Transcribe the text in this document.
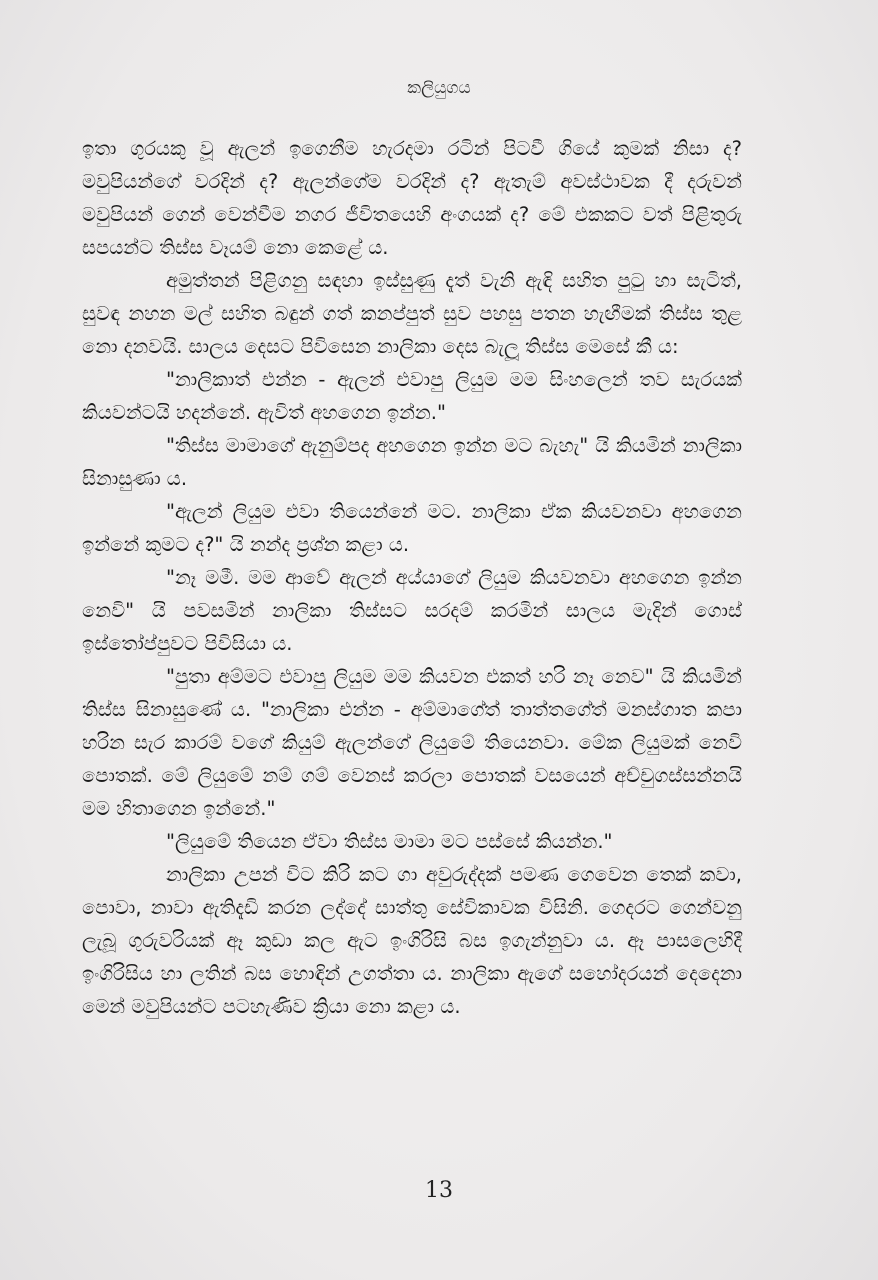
කලියුගය

ඉතා ගුරයකු වූ ඇලන් ඉගෙනීම හැරදමා රටින් පිටවී ගියේ කුමක් නිසා ද? මවුපියන්ගේ වරදින් ද? ඇලන්ගේම වරදින් ද? ඇතැම් අවස්ථාවක දී දරුවන් මවුපියන් ගෙන් වෙන්වීම නගර ජීවිතයෙහි අංගයක් ද? මේ එකකට වත් පිළිතුරු සපයන්ට තිස්ස වෑයම් නො කෙළේ ය.

අමුත්තන් පිළිගනු සඳහා ඉස්සුණු දැත් වැනි ඇඳි සහිත පුටු හා සැටිත්, සුවඳ නහන මල් සහිත බඳුන් ගත් කනප්පුත් සුව පහසු පතන හැඟීමක් තිස්ස තුළ නො දනවයි. සාලය දෙසට පිවිසෙන නාලිකා දෙස බැලූ තිස්ස මෙසේ කී ය:

"නාලිකාත් එන්න - ඇලන් එවාපු ලියුම මම සිංහලෙන් තව සැරයක් කියවන්ටයි හදන්නේ. ඇවිත් අහගෙන ඉන්න."

"තිස්ස මාමාගේ ඇනුම්පද අහගෙන ඉන්න මට බැහැ" යි කියමින් නාලිකා සිනාසුණා ය.

"ඇලන් ලියුම එවා තියෙන්නේ මට. නාලිකා ඒක කියවනවා අහගෙන ඉන්නේ කුමට ද?" යි නන්ද ප්‍රශ්න කළා ය.

"නෑ මමී. මම ආවේ ඇලන් අය්යාගේ ලියුම කියවනවා අහගෙන ඉන්න නෙවි" යි පවසමින් නාලිකා තිස්සට සරදම් කරමින් සාලය මැදින් ගොස් ඉස්තෝප්පුවට පිවිසියා ය.

"පුතා අම්මට එවාපු ලියුම මම කියවන එකත් හරි නෑ නෙව" යි කියමින් තිස්ස සිනාසුණේ ය. "නාලිකා එන්න - අම්මාගේත් තාත්තගේත් මනස්ගාත කපා හරින සැර කාරම් වගේ කියුම් ඇලන්ගේ ලියුමේ තියෙනවා. මේක ලියුමක් නෙවි පොතක්. මේ ලියුමේ නම් ගම් වෙනස් කරලා පොතක් වසයෙන් අච්චුගස්සන්නයි මම හිතාගෙන ඉන්නේ."

"ලියුමේ තියෙන ඒවා තිස්ස මාමා මට පස්සේ කියන්න."

නාලිකා උපන් විට කිරි කට ගා අවුරුද්දක් පමණ ගෙවෙන තෙක් කවා, පොවා, නාවා ඇතිදැඩි කරන ලද්දේ සාත්තු සේවිකාවක විසිනි. ගෙදරට ගෙන්වනු ලැබූ ගුරුවරියක් ඈ කුඩා කල ඇට ඉංගිරිසි බස ඉගැන්නුවා ය. ඈ පාසලෙහිදී ඉංගිරිසිය හා ලතින් බස හොඳින් උගත්තා ය. නාලිකා ඇගේ සහෝදරයන් දෙදෙනා මෙන් මවුපියන්ට පටහැණිව ක්‍රියා නො කළා ය.

13
